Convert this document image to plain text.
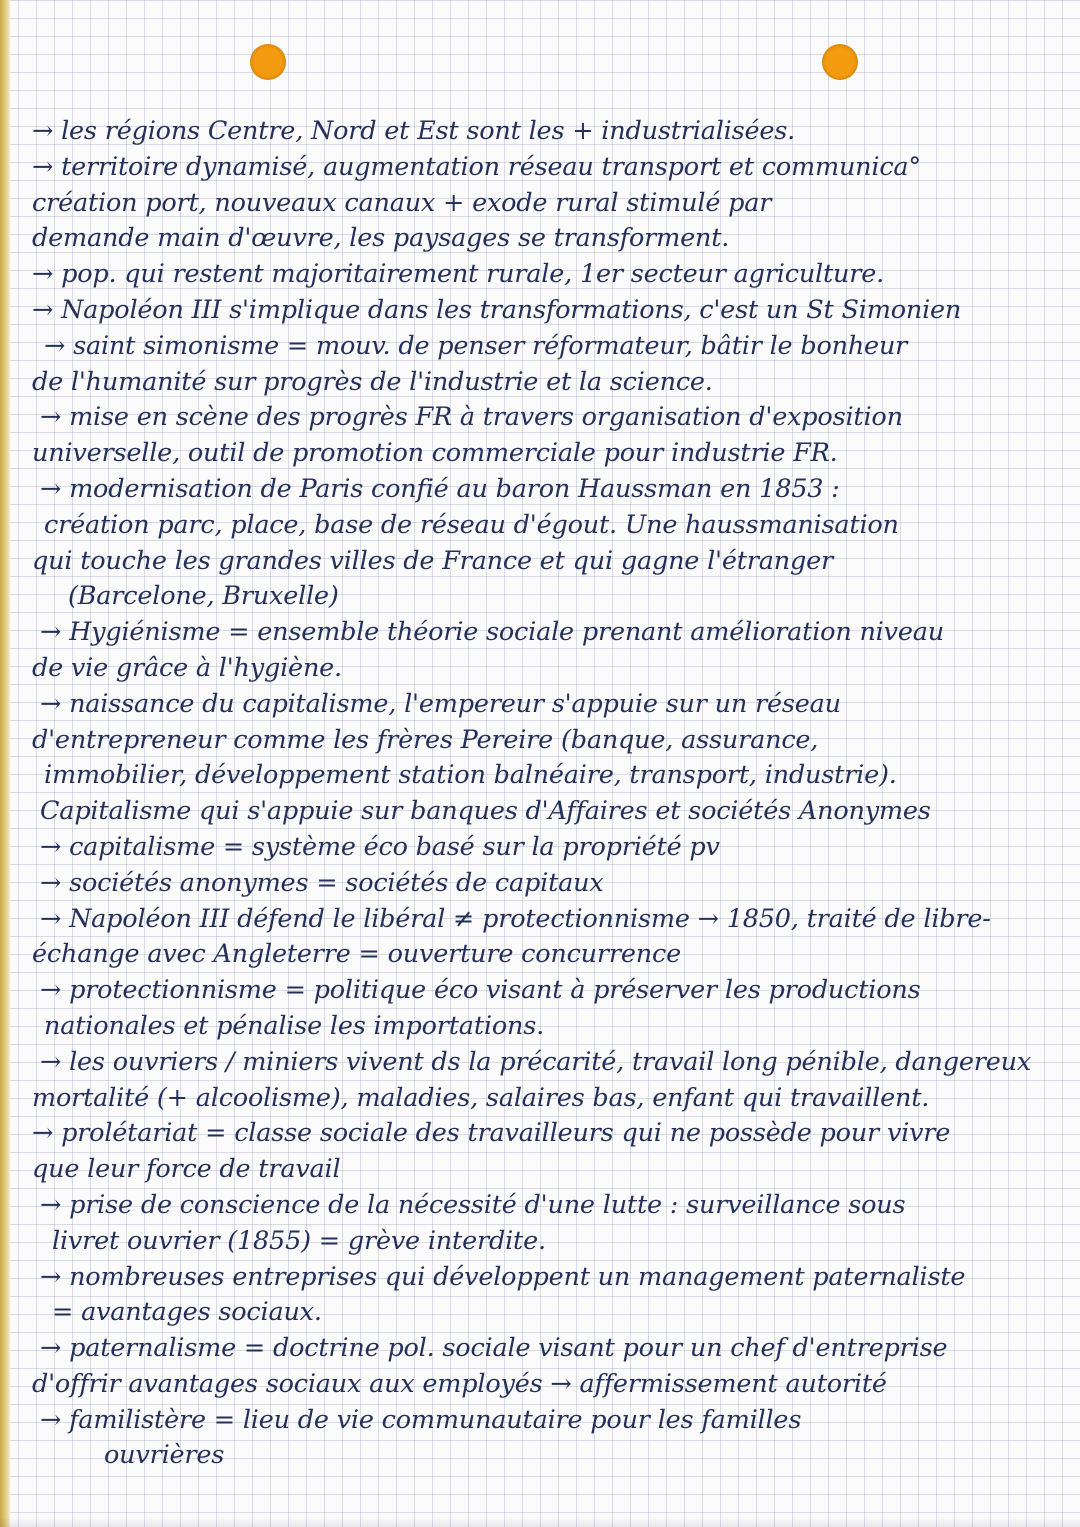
→ les régions Centre, Nord et Est sont les + industrialisées.
→ territoire dynamisé, augmentation réseau transport et communica°
création port, nouveaux canaux + exode rural stimulé par
demande main d'œuvre, les paysages se transforment.
→ pop. qui restent majoritairement rurale, 1er secteur agriculture.
→ Napoléon III s'implique dans les transformations, c'est un St Simonien
→ saint simonisme = mouv. de penser réformateur, bâtir le bonheur
de l'humanité sur progrès de l'industrie et la science.
→ mise en scène des progrès FR à travers organisation d'exposition
universelle, outil de promotion commerciale pour industrie FR.
→ modernisation de Paris confié au baron Haussman en 1853 :
création parc, place, base de réseau d'égout. Une haussmanisation
qui touche les grandes villes de France et qui gagne l'étranger
(Barcelone, Bruxelle)
→ Hygiénisme = ensemble théorie sociale prenant amélioration niveau
de vie grâce à l'hygiène.
→ naissance du capitalisme, l'empereur s'appuie sur un réseau
d'entrepreneur comme les frères Pereire (banque, assurance,
immobilier, développement station balnéaire, transport, industrie).
Capitalisme qui s'appuie sur banques d'Affaires et sociétés Anonymes
→ capitalisme = système éco basé sur la propriété pv
→ sociétés anonymes = sociétés de capitaux
→ Napoléon III défend le libéral ≠ protectionnisme → 1850, traité de libre-
échange avec Angleterre = ouverture concurrence
→ protectionnisme = politique éco visant à préserver les productions
nationales et pénalise les importations.
→ les ouvriers / miniers vivent ds la précarité, travail long pénible, dangereux
mortalité (+ alcoolisme), maladies, salaires bas, enfant qui travaillent.
→ prolétariat = classe sociale des travailleurs qui ne possède pour vivre
que leur force de travail
→ prise de conscience de la nécessité d'une lutte : surveillance sous
livret ouvrier (1855) = grève interdite.
→ nombreuses entreprises qui développent un management paternaliste
= avantages sociaux.
→ paternalisme = doctrine pol. sociale visant pour un chef d'entreprise
d'offrir avantages sociaux aux employés → affermissement autorité
→ familistère = lieu de vie communautaire pour les familles
ouvrières
